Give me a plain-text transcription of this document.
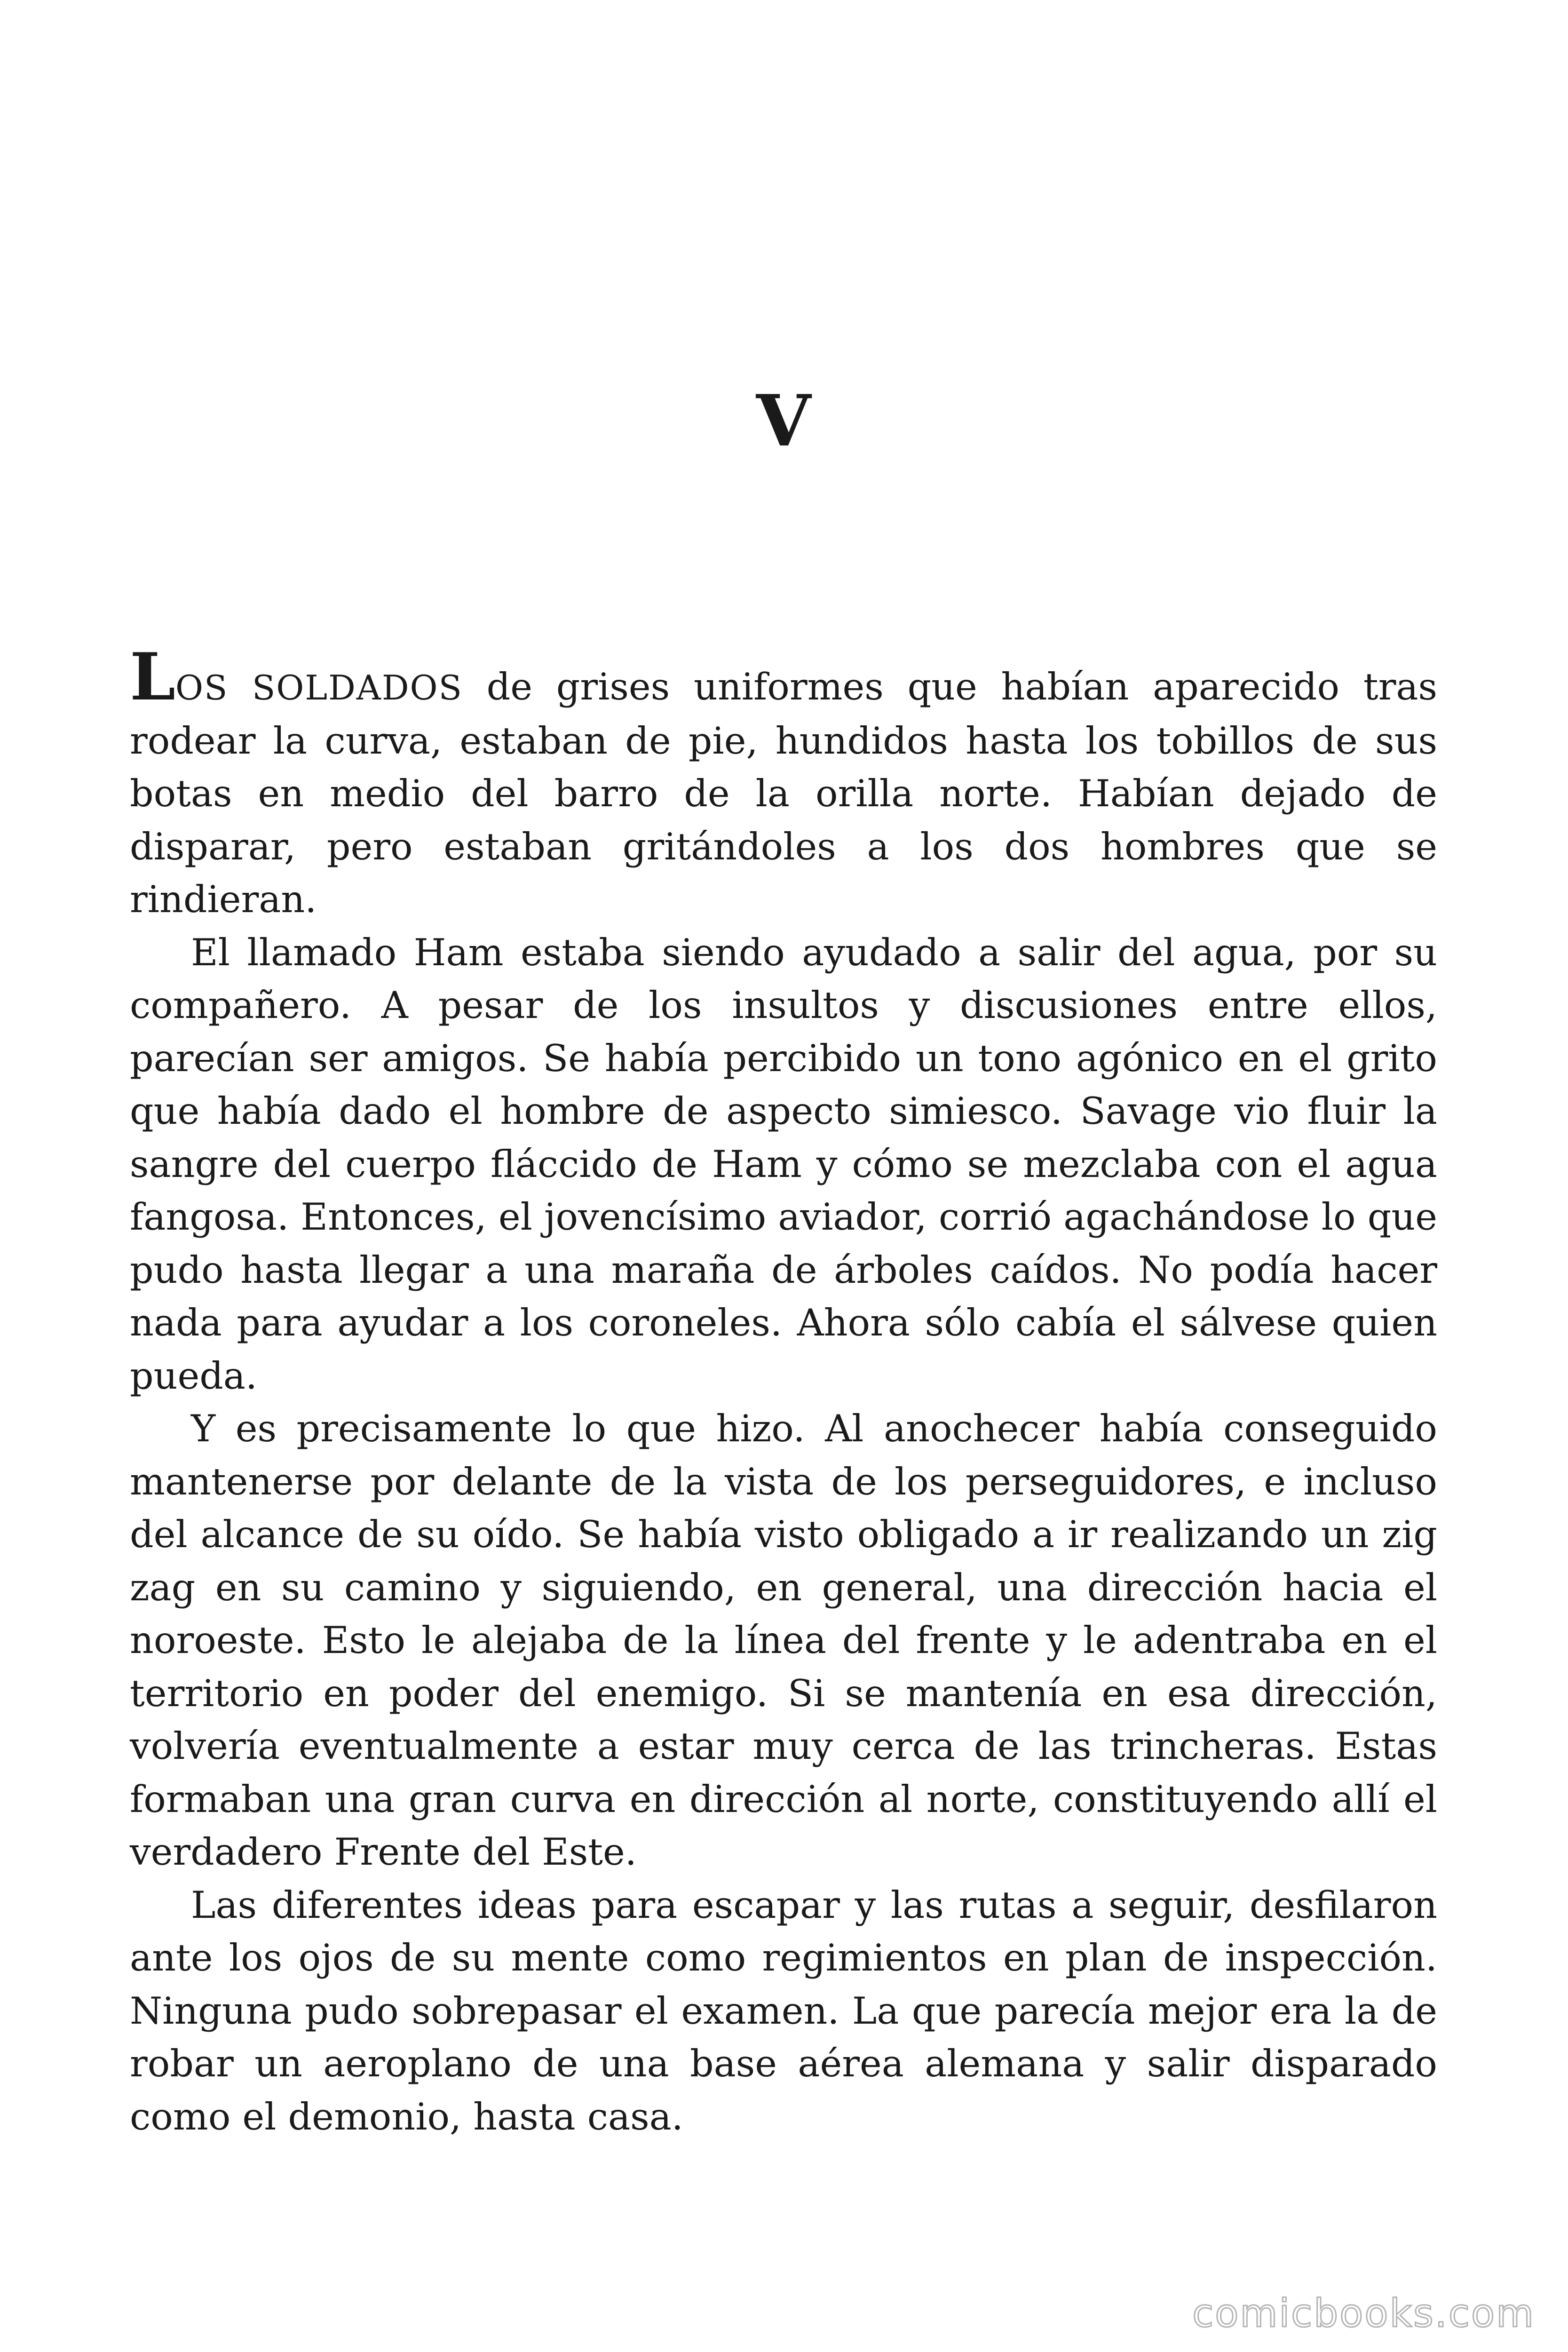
V

LOS SOLDADOS de grises uniformes que habían aparecido tras rodear la curva, estaban de pie, hundidos hasta los tobillos de sus botas en medio del barro de la orilla norte. Habían dejado de disparar, pero estaban gritándoles a los dos hombres que se rindieran.

El llamado Ham estaba siendo ayudado a salir del agua, por su compañero. A pesar de los insultos y discusiones entre ellos, parecían ser amigos. Se había percibido un tono agónico en el grito que había dado el hombre de aspecto simiesco. Savage vio fluir la sangre del cuerpo fláccido de Ham y cómo se mezclaba con el agua fangosa. Entonces, el jovencísimo aviador, corrió agachándose lo que pudo hasta llegar a una maraña de árboles caídos. No podía hacer nada para ayudar a los coroneles. Ahora sólo cabía el sálvese quien pueda.

Y es precisamente lo que hizo. Al anochecer había conseguido mantenerse por delante de la vista de los perseguidores, e incluso del alcance de su oído. Se había visto obligado a ir realizando un zig zag en su camino y siguiendo, en general, una dirección hacia el noroeste. Esto le alejaba de la línea del frente y le adentraba en el territorio en poder del enemigo. Si se mantenía en esa dirección, volvería eventualmente a estar muy cerca de las trincheras. Estas formaban una gran curva en dirección al norte, constituyendo allí el verdadero Frente del Este.

Las diferentes ideas para escapar y las rutas a seguir, desfilaron ante los ojos de su mente como regimientos en plan de inspección. Ninguna pudo sobrepasar el examen. La que parecía mejor era la de robar un aeroplano de una base aérea alemana y salir disparado como el demonio, hasta casa.

comicbooks.com
